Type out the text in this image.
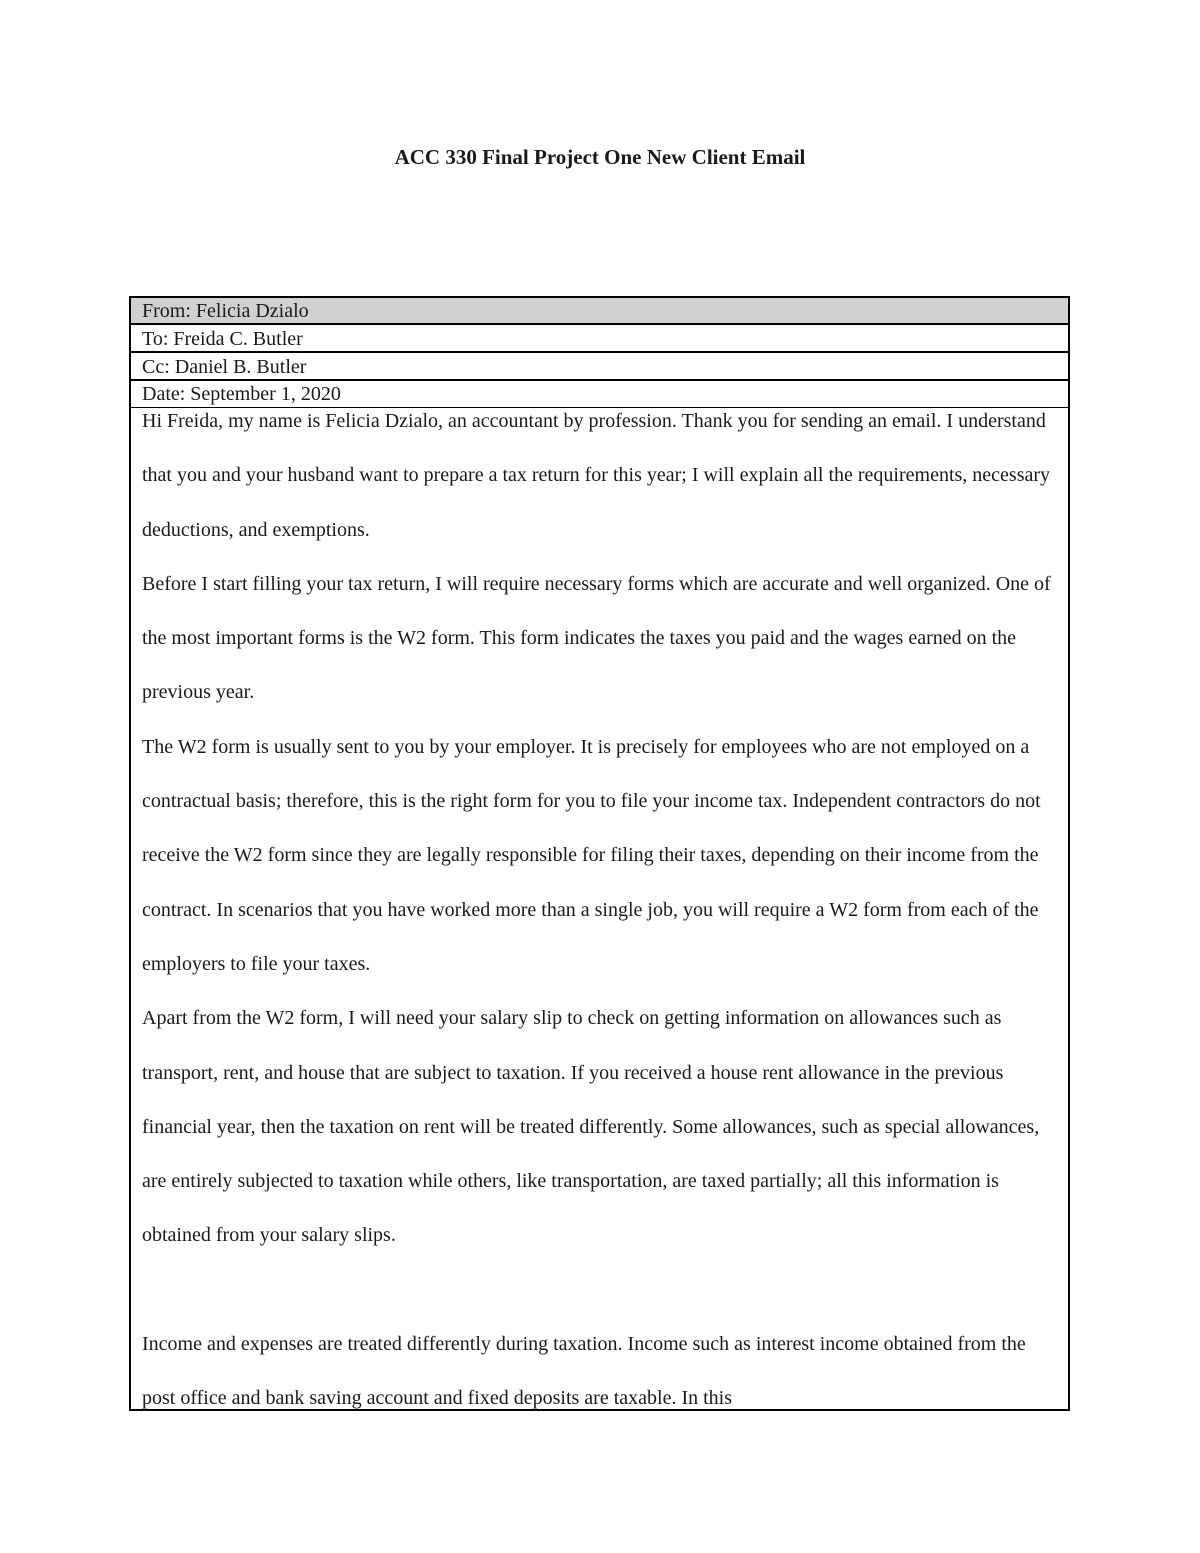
ACC 330 Final Project One New Client Email
From: Felicia Dzialo
To: Freida C. Butler
Cc: Daniel B. Butler
Date: September 1, 2020

Hi Freida, my name is Felicia Dzialo, an accountant by profession. Thank you for sending an email. I understand that you and your husband want to prepare a tax return for this year; I will explain all the requirements, necessary deductions, and exemptions.

Before I start filling your tax return, I will require necessary forms which are accurate and well organized. One of the most important forms is the W2 form. This form indicates the taxes you paid and the wages earned on the previous year.

The W2 form is usually sent to you by your employer. It is precisely for employees who are not employed on a contractual basis; therefore, this is the right form for you to file your income tax. Independent contractors do not receive the W2 form since they are legally responsible for filing their taxes, depending on their income from the contract. In scenarios that you have worked more than a single job, you will require a W2 form from each of the employers to file your taxes.

Apart from the W2 form, I will need your salary slip to check on getting information on allowances such as transport, rent, and house that are subject to taxation. If you received a house rent allowance in the previous financial year, then the taxation on rent will be treated differently. Some allowances, such as special allowances, are entirely subjected to taxation while others, like transportation, are taxed partially; all this information is obtained from your salary slips.

Income and expenses are treated differently during taxation. Income such as interest income obtained from the post office and bank saving account and fixed deposits are taxable. In this
